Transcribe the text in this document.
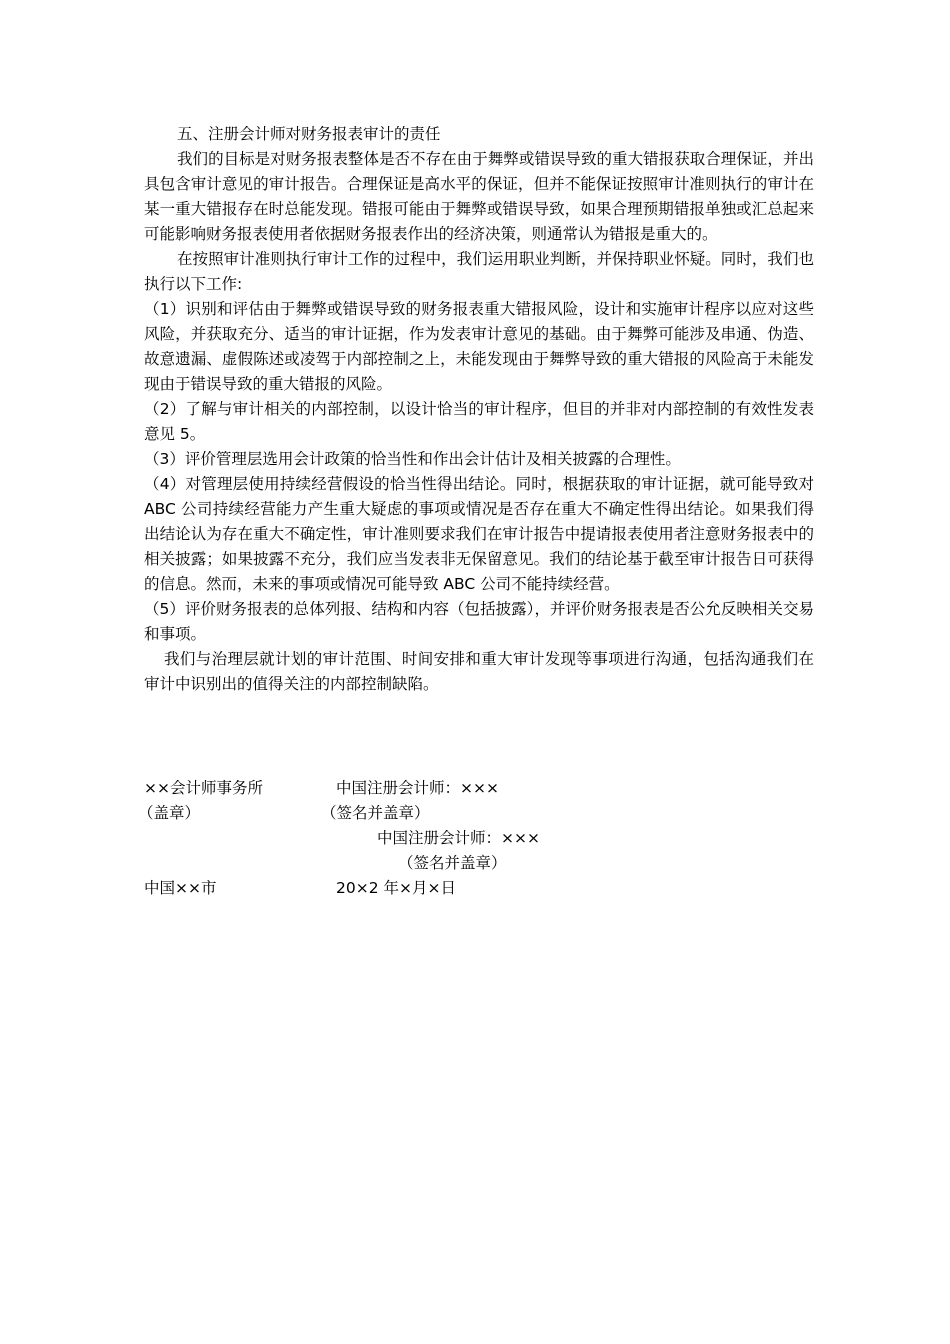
五、注册会计师对财务报表审计的责任

我们的目标是对财务报表整体是否不存在由于舞弊或错误导致的重大错报获取合理保证，并出具包含审计意见的审计报告。合理保证是高水平的保证，但并不能保证按照审计准则执行的审计在某一重大错报存在时总能发现。错报可能由于舞弊或错误导致，如果合理预期错报单独或汇总起来可能影响财务报表使用者依据财务报表作出的经济决策，则通常认为错报是重大的。

在按照审计准则执行审计工作的过程中，我们运用职业判断，并保持职业怀疑。同时，我们也执行以下工作:

（1）识别和评估由于舞弊或错误导致的财务报表重大错报风险，设计和实施审计程序以应对这些风险，并获取充分、适当的审计证据，作为发表审计意见的基础。由于舞弊可能涉及串通、伪造、故意遗漏、虚假陈述或凌驾于内部控制之上，未能发现由于舞弊导致的重大错报的风险高于未能发现由于错误导致的重大错报的风险。

（2）了解与审计相关的内部控制，以设计恰当的审计程序，但目的并非对内部控制的有效性发表意见 5。

（3）评价管理层选用会计政策的恰当性和作出会计估计及相关披露的合理性。

（4）对管理层使用持续经营假设的恰当性得出结论。同时，根据获取的审计证据，就可能导致对 ABC 公司持续经营能力产生重大疑虑的事项或情况是否存在重大不确定性得出结论。如果我们得出结论认为存在重大不确定性，审计准则要求我们在审计报告中提请报表使用者注意财务报表中的相关披露；如果披露不充分，我们应当发表非无保留意见。我们的结论基于截至审计报告日可获得的信息。然而，未来的事项或情况可能导致 ABC 公司不能持续经营。

（5）评价财务报表的总体列报、结构和内容（包括披露），并评价财务报表是否公允反映相关交易和事项。

我们与治理层就计划的审计范围、时间安排和重大审计发现等事项进行沟通，包括沟通我们在审计中识别出的值得关注的内部控制缺陷。

××会计师事务所	中国注册会计师：×××
（盖章）	（签名并盖章）
中国注册会计师：×××
（签名并盖章）
中国××市	20×2 年×月×日
